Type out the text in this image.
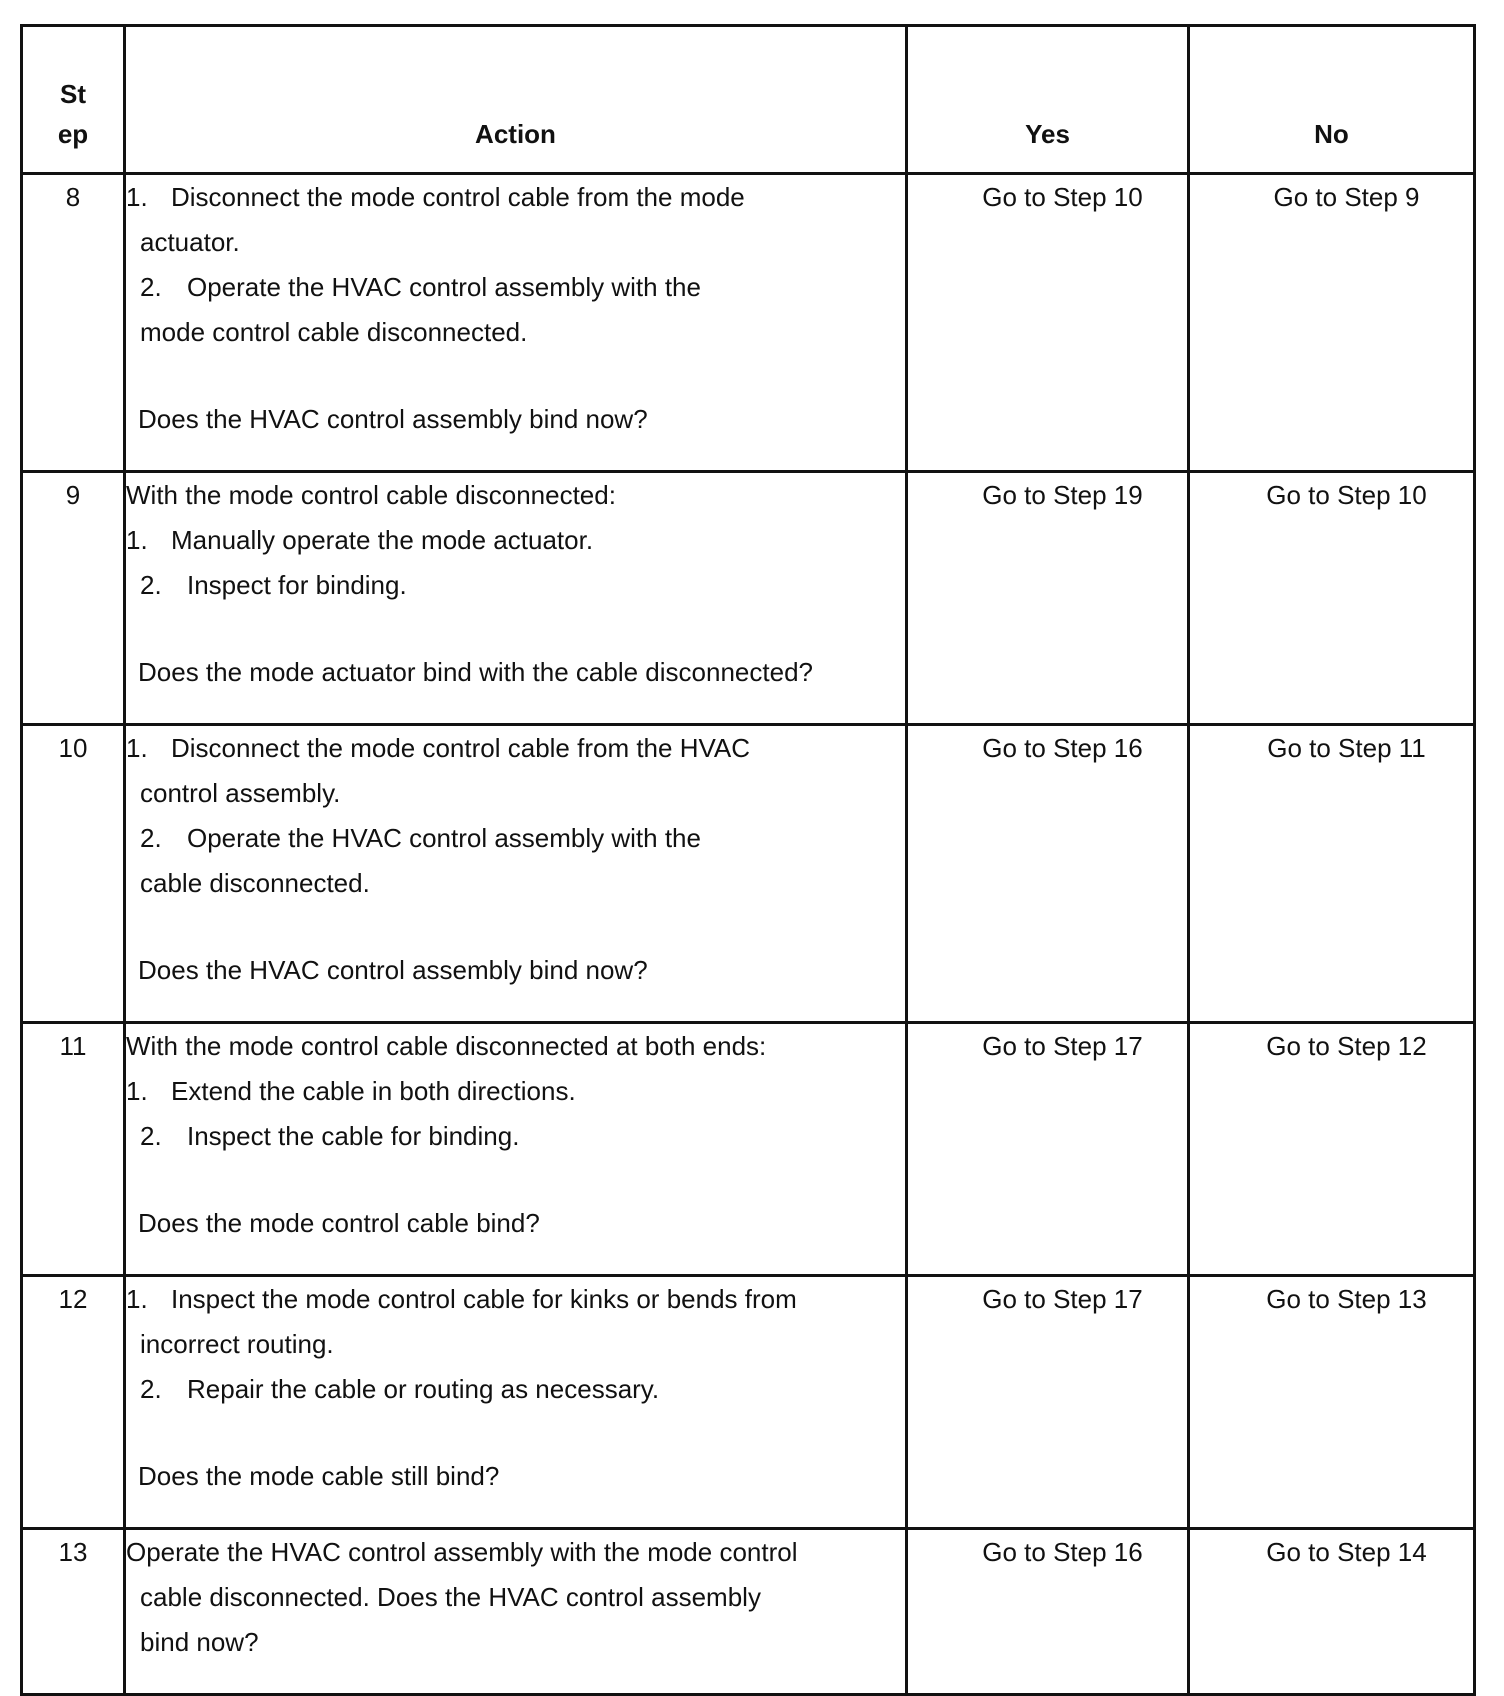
St
ep	Action	Yes	No
8	1. Disconnect the mode control cable from the mode
actuator.
2. Operate the HVAC control assembly with the
mode control cable disconnected.
Does the HVAC control assembly bind now?	Go to Step 10	Go to Step 9
9	With the mode control cable disconnected:
1. Manually operate the mode actuator.
2. Inspect for binding.
Does the mode actuator bind with the cable disconnected?	Go to Step 19	Go to Step 10
10	1. Disconnect the mode control cable from the HVAC
control assembly.
2. Operate the HVAC control assembly with the
cable disconnected.
Does the HVAC control assembly bind now?	Go to Step 16	Go to Step 11
11	With the mode control cable disconnected at both ends:
1. Extend the cable in both directions.
2. Inspect the cable for binding.
Does the mode control cable bind?	Go to Step 17	Go to Step 12
12	1. Inspect the mode control cable for kinks or bends from
incorrect routing.
2. Repair the cable or routing as necessary.
Does the mode cable still bind?	Go to Step 17	Go to Step 13
13	Operate the HVAC control assembly with the mode control
cable disconnected. Does the HVAC control assembly
bind now?	Go to Step 16	Go to Step 14
